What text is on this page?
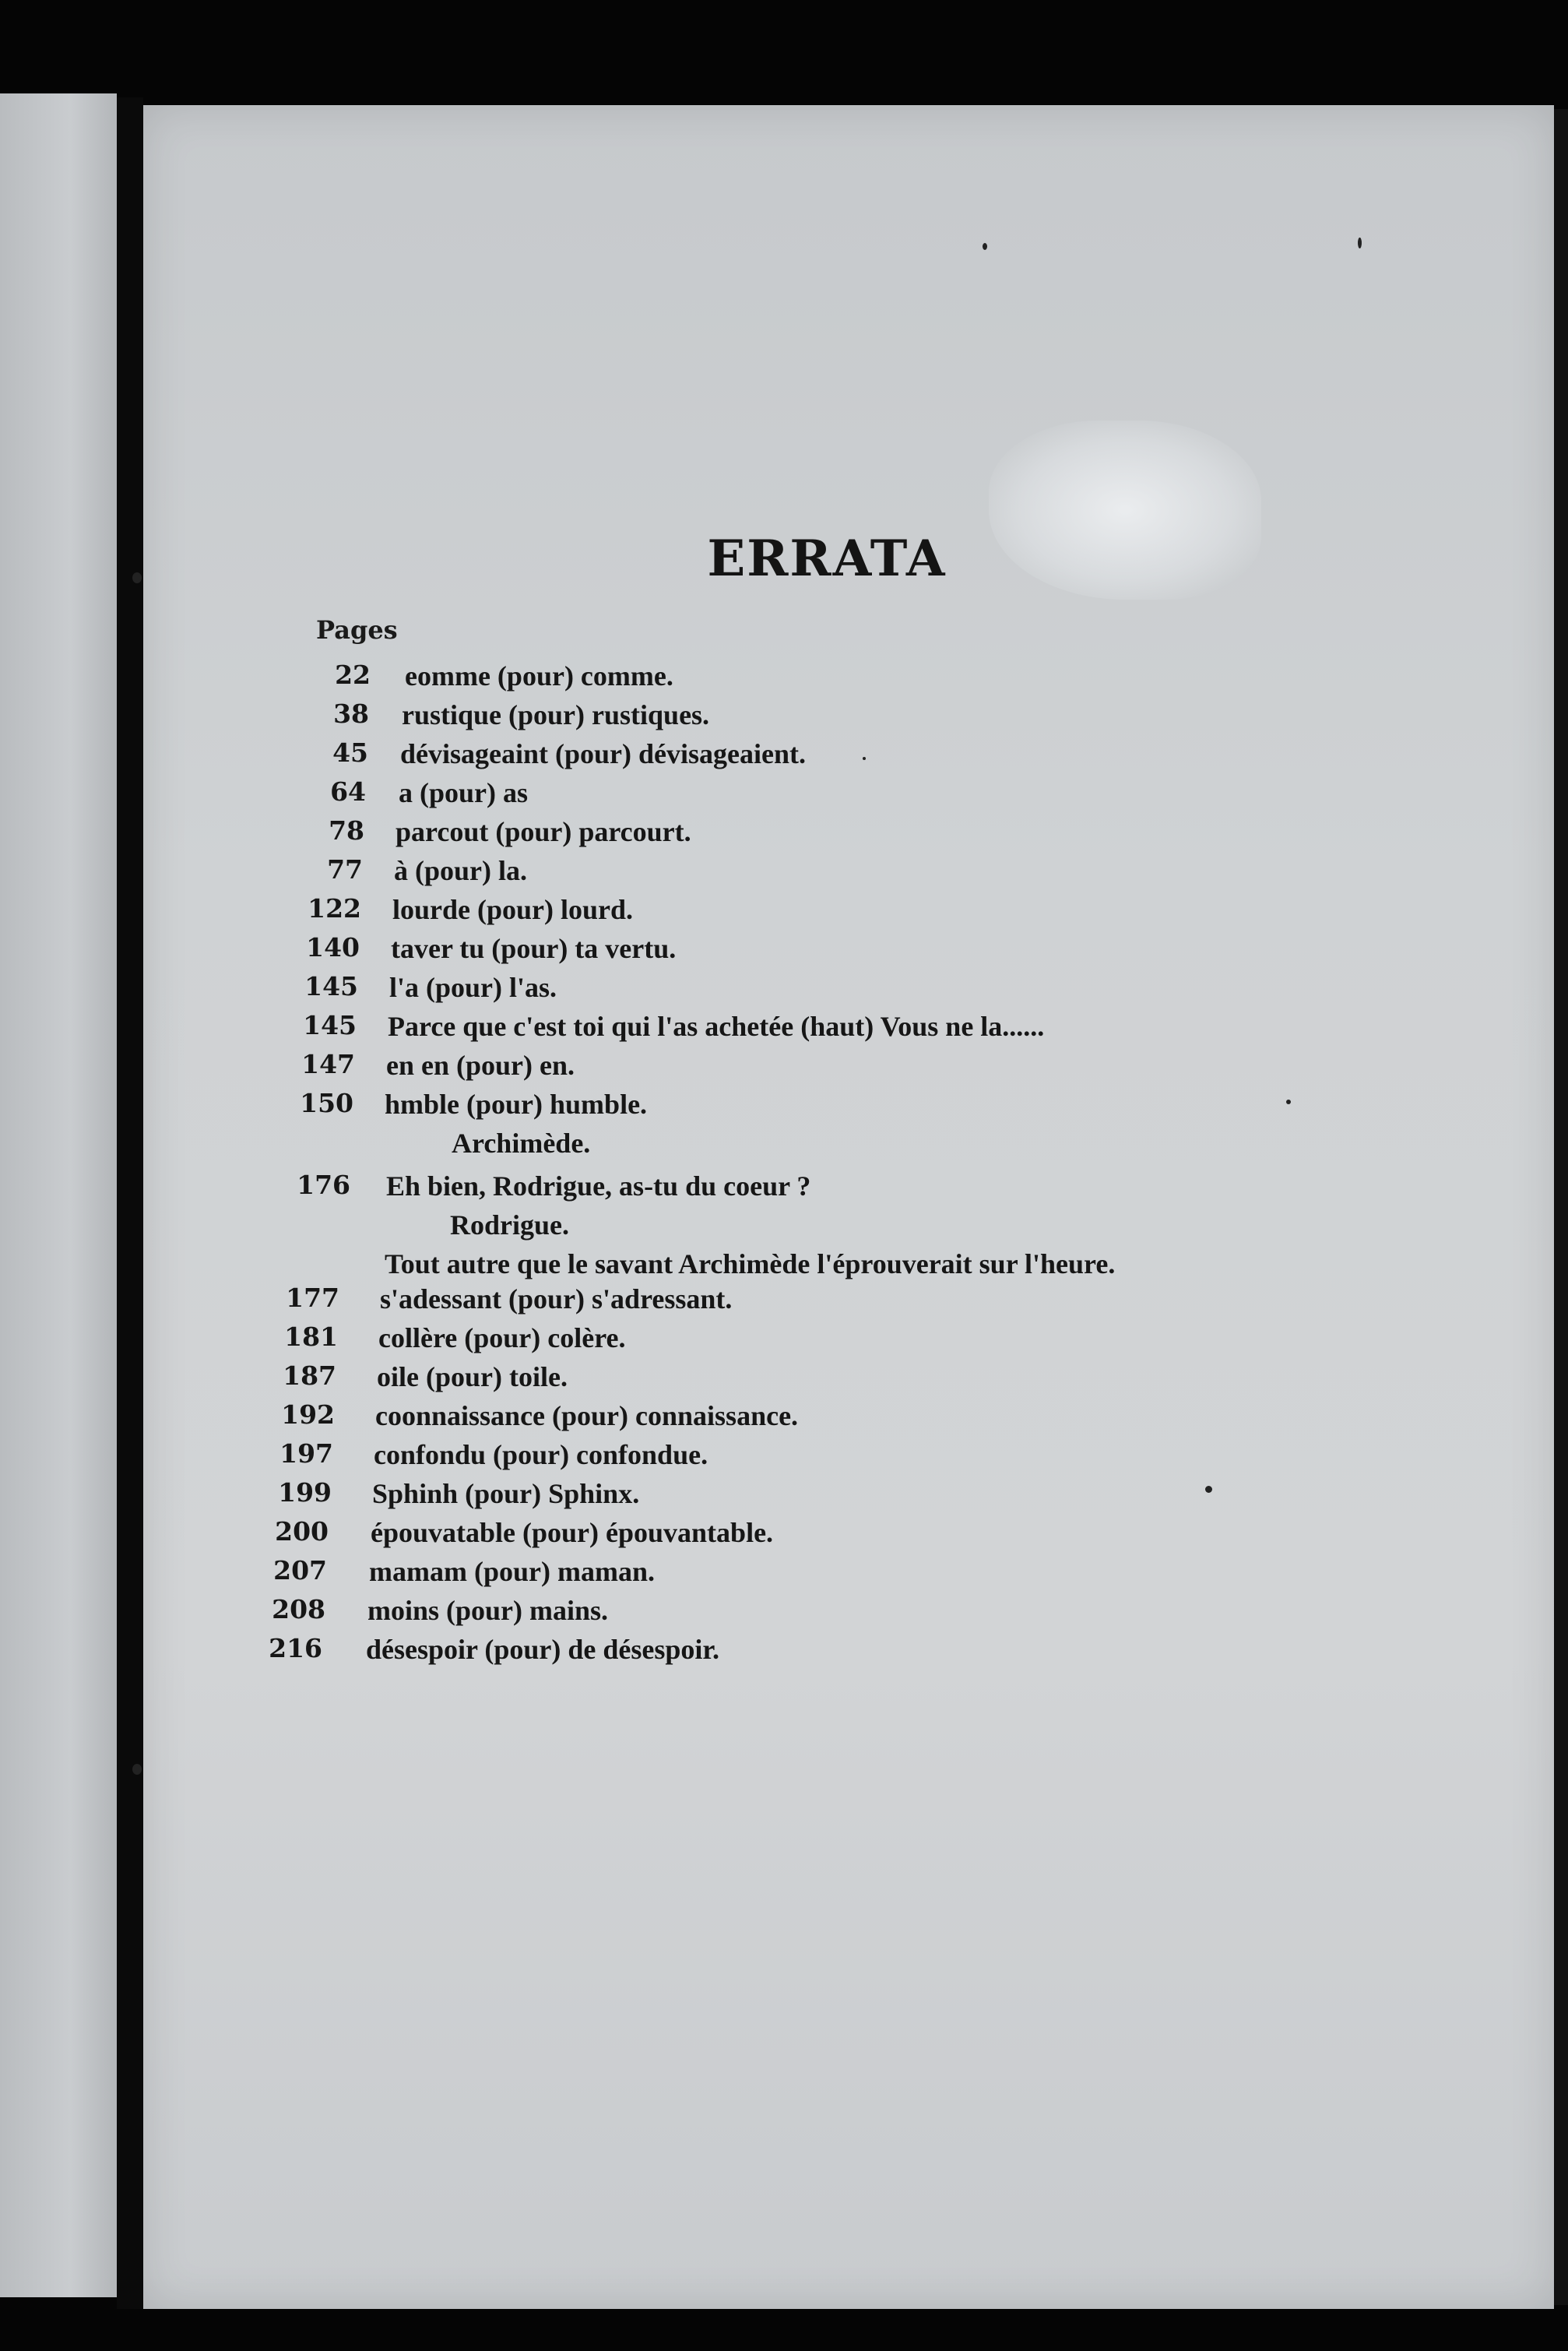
ERRATA
Pages
22 eomme (pour) comme.
38 rustique (pour) rustiques.
45 dévisageaint (pour) dévisageaient.
64 a (pour) as
78 parcout (pour) parcourt.
77 à (pour) la.
122 lourde (pour) lourd.
140 taver tu (pour) ta vertu.
145 l'a (pour) l'as.
145 Parce que c'est toi qui l'as achetée (haut) Vous ne la......
147 en en (pour) en.
150 hmble (pour) humble.
Archimède.
176 Eh bien, Rodrigue, as-tu du coeur ?
Rodrigue.
Tout autre que le savant Archimède l'éprouverait sur l'heure.
177 s'adessant (pour) s'adressant.
181 collère (pour) colère.
187 oile (pour) toile.
192 coonnaissance (pour) connaissance.
197 confondu (pour) confondue.
199 Sphinh (pour) Sphinx.
200 épouvatable (pour) épouvantable.
207 mamam (pour) maman.
208 moins (pour) mains.
216 désespoir (pour) de désespoir.
